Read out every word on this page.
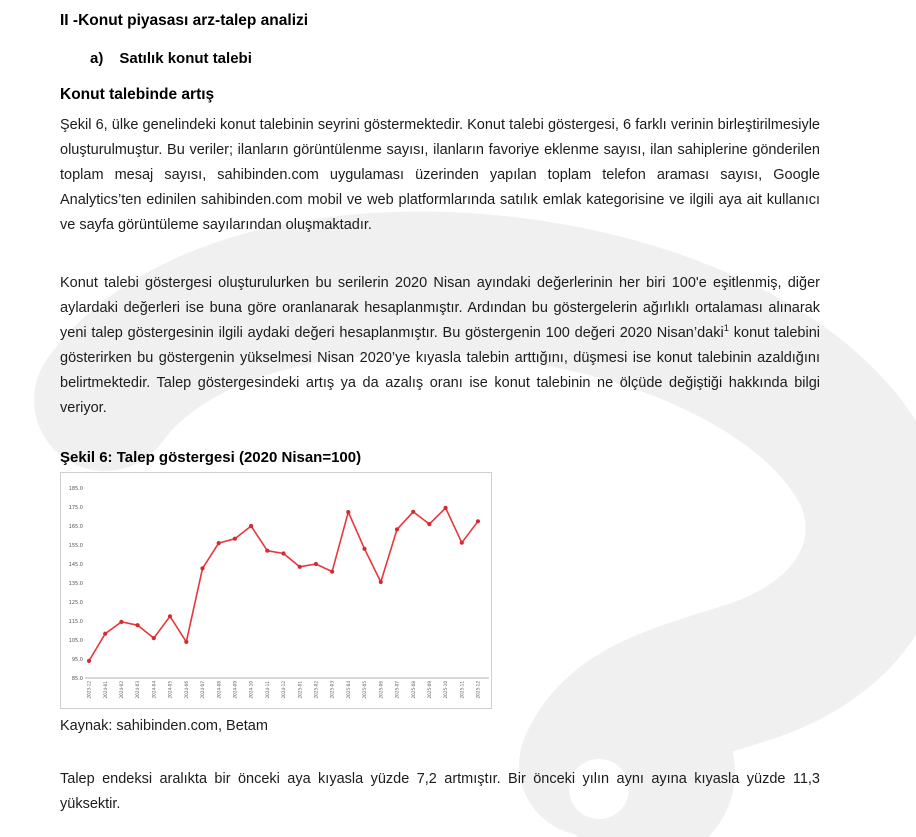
II -Konut piyasası arz-talep analizi
a) Satılık konut talebi
Konut talebinde artış

Şekil 6, ülke genelindeki konut talebinin seyrini göstermektedir. Konut talebi göstergesi, 6 farklı verinin birleştirilmesiyle oluşturulmuştur. Bu veriler; ilanların görüntülenme sayısı, ilanların favoriye eklenme sayısı, ilan sahiplerine gönderilen toplam mesaj sayısı, sahibinden.com uygulaması üzerinden yapılan toplam telefon araması sayısı, Google Analytics’ten edinilen sahibinden.com mobil ve web platformlarında satılık emlak kategorisine ve ilgili aya ait kullanıcı ve sayfa görüntüleme sayılarından oluşmaktadır.

Konut talebi göstergesi oluşturulurken bu serilerin 2020 Nisan ayındaki değerlerinin her biri 100'e eşitlenmiş, diğer aylardaki değerleri ise buna göre oranlanarak hesaplanmıştır. Ardından bu göstergelerin ağırlıklı ortalaması alınarak yeni talep göstergesinin ilgili aydaki değeri hesaplanmıştır. Bu göstergenin 100 değeri 2020 Nisan’daki$^1$ konut talebini gösterirken bu göstergenin yükselmesi Nisan 2020’ye kıyasla talebin arttığını, düşmesi ise konut talebinin azaldığını belirtmektedir. Talep göstergesindeki artış ya da azalış oranı ise konut talebinin ne ölçüde değiştiği hakkında bilgi veriyor.

Şekil 6: Talep göstergesi (2020 Nisan=100)
85.0
95.0
105.0
115.0
125.0
135.0
145.0
155.0
165.0
175.0
185.0
2023-12	2024-01	2024-02	2024-03	2024-04	2024-05	2024-06	2024-07	2024-08	2024-09	2024-10	2024-11	2024-12	2025-01	2025-02	2025-03	2025-04	2025-05	2025-06	2025-07	2025-08	2025-09	2025-10	2025-11	2025-12

Kaynak: sahibinden.com, Betam

Talep endeksi aralıkta bir önceki aya kıyasla yüzde 7,2 artmıştır. Bir önceki yılın aynı ayına kıyasla yüzde 11,3 yüksektir.
